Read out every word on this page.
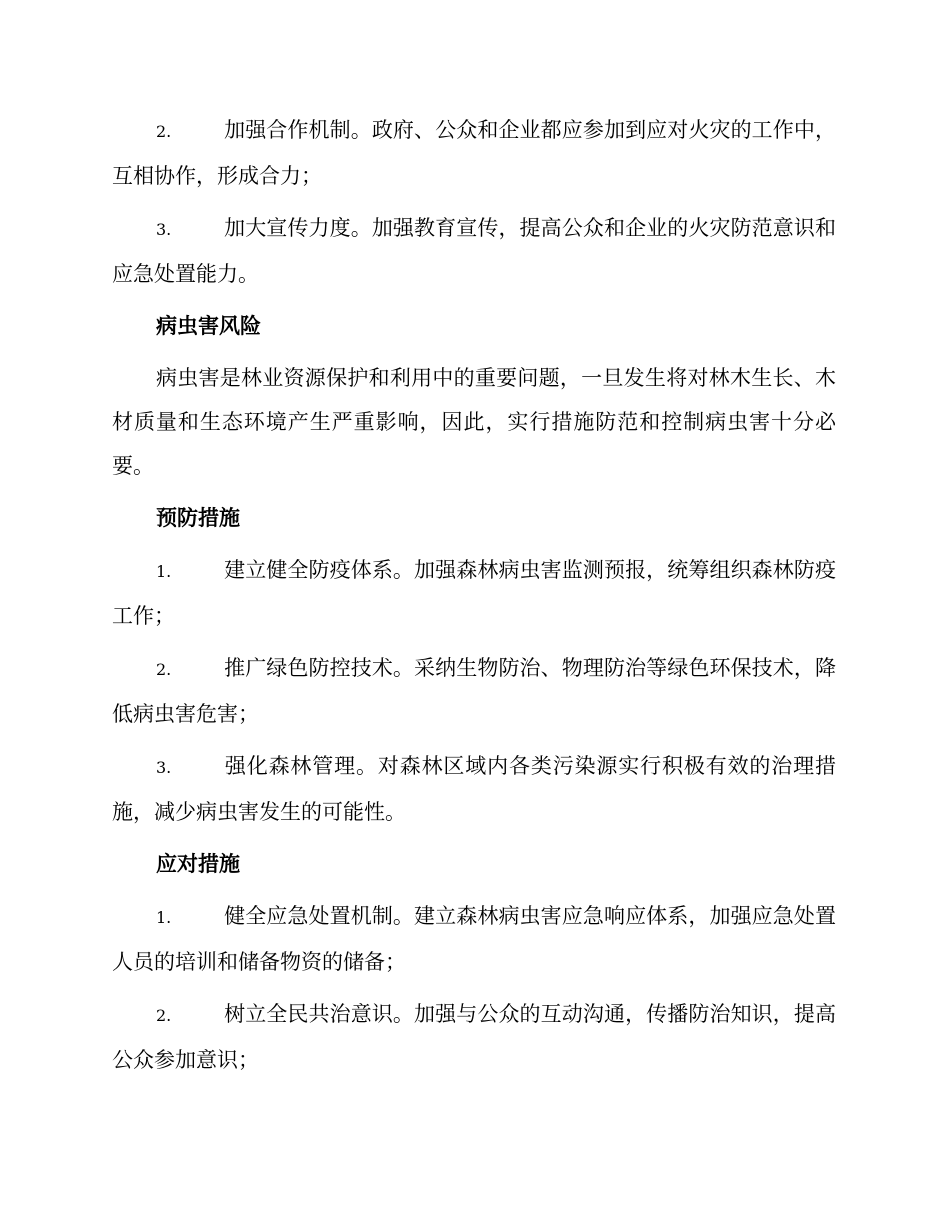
2.	加强合作机制。政府、公众和企业都应参加到应对火灾的工作中，互相协作，形成合力；

3.	加大宣传力度。加强教育宣传，提高公众和企业的火灾防范意识和应急处置能力。

病虫害风险

病虫害是林业资源保护和利用中的重要问题，一旦发生将对林木生长、木材质量和生态环境产生严重影响，因此，实行措施防范和控制病虫害十分必要。

预防措施

1.	建立健全防疫体系。加强森林病虫害监测预报，统筹组织森林防疫工作；

2.	推广绿色防控技术。采纳生物防治、物理防治等绿色环保技术，降低病虫害危害；

3.	强化森林管理。对森林区域内各类污染源实行积极有效的治理措施，减少病虫害发生的可能性。

应对措施

1.	健全应急处置机制。建立森林病虫害应急响应体系，加强应急处置人员的培训和储备物资的储备；

2.	树立全民共治意识。加强与公众的互动沟通，传播防治知识，提高公众参加意识；
